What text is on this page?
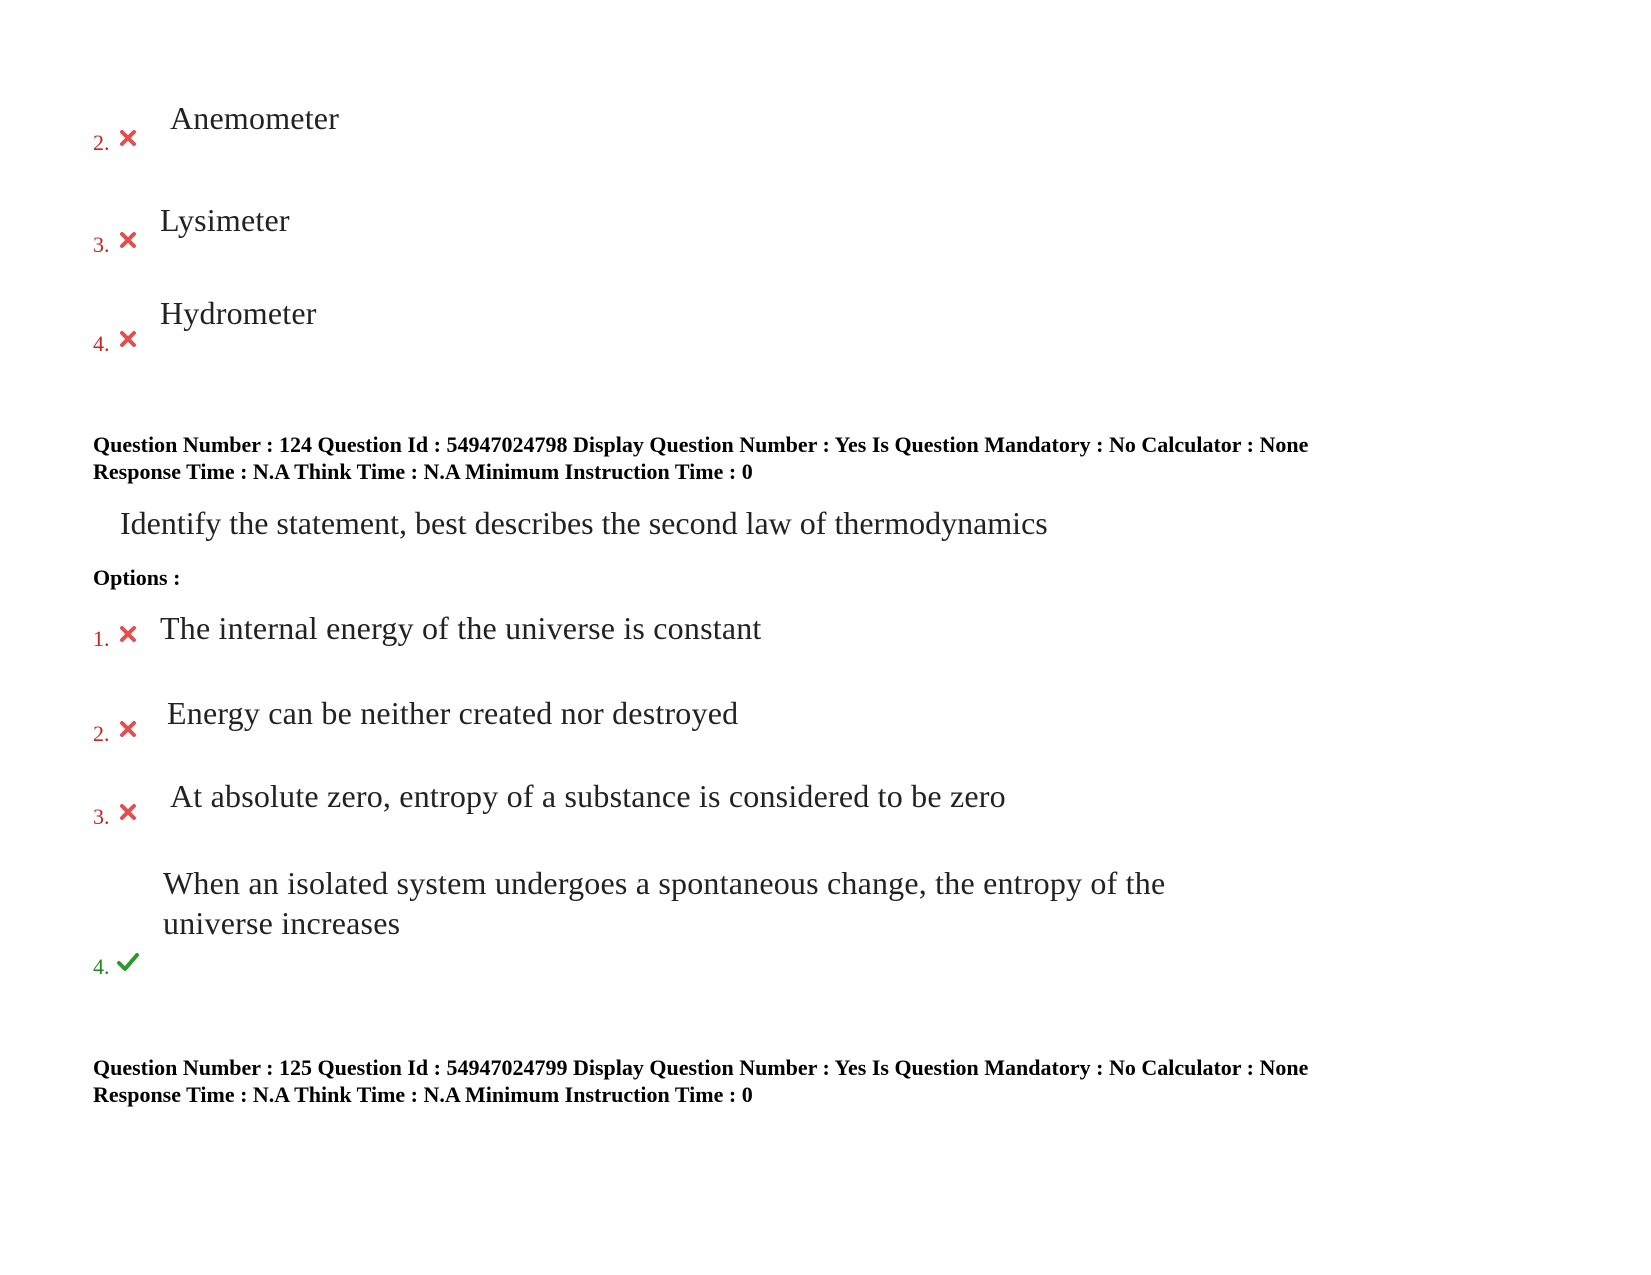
2.
Anemometer
3.
Lysimeter
4.
Hydrometer
Question Number : 124 Question Id : 54947024798 Display Question Number : Yes Is Question Mandatory : No Calculator : None
Response Time : N.A Think Time : N.A Minimum Instruction Time : 0
Identify the statement, best describes the second law of thermodynamics
Options :
1. The internal energy of the universe is constant
2.
Energy can be neither created nor destroyed
3.
At absolute zero, entropy of a substance is considered to be zero
When an isolated system undergoes a spontaneous change, the entropy of the
universe increases
4.
Question Number : 125 Question Id : 54947024799 Display Question Number : Yes Is Question Mandatory : No Calculator : None
Response Time : N.A Think Time : N.A Minimum Instruction Time : 0
